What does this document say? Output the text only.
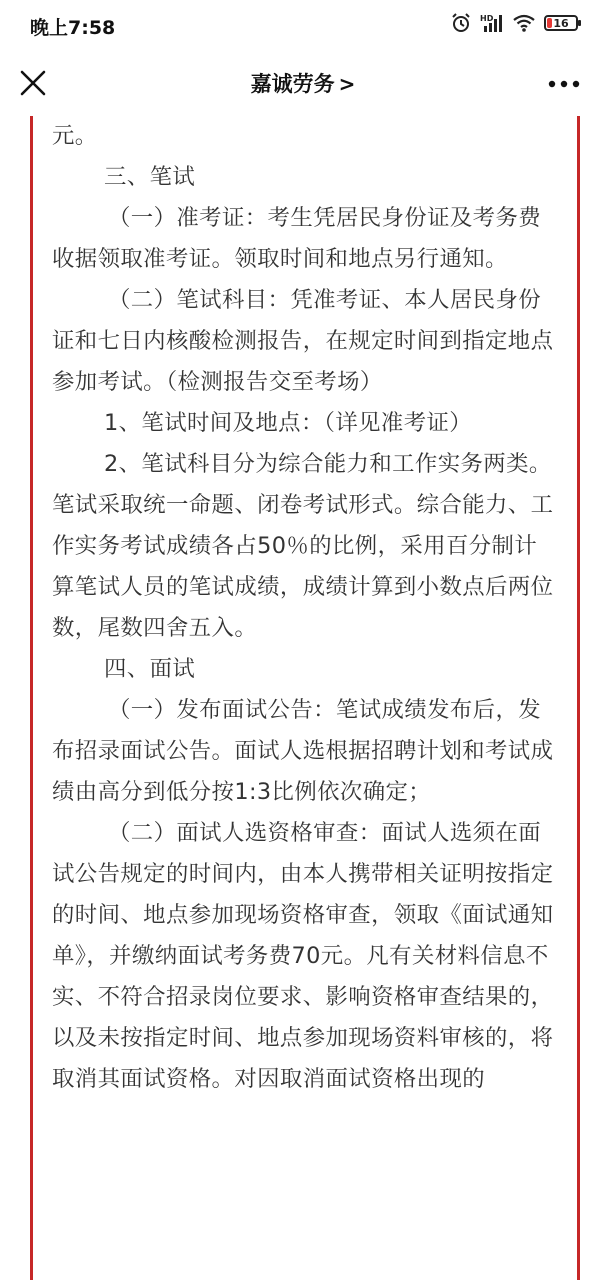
晚上7:58	HD	16
嘉诚劳务 >

元。

三、笔试

（一）准考证：考生凭居民身份证及考务费收据领取准考证。领取时间和地点另行通知。

（二）笔试科目：凭准考证、本人居民身份证和七日内核酸检测报告，在规定时间到指定地点参加考试。（检测报告交至考场）

1、笔试时间及地点：（详见准考证）

2、笔试科目分为综合能力和工作实务两类。笔试采取统一命题、闭卷考试形式。综合能力、工作实务考试成绩各占50％的比例，采用百分制计算笔试人员的笔试成绩，成绩计算到小数点后两位数，尾数四舍五入。

四、面试

（一）发布面试公告：笔试成绩发布后，发布招录面试公告。面试人选根据招聘计划和考试成绩由高分到低分按1:3比例依次确定；

（二）面试人选资格审查：面试人选须在面试公告规定的时间内，由本人携带相关证明按指定的时间、地点参加现场资格审查，领取《面试通知单》，并缴纳面试考务费70元。凡有关材料信息不实、不符合招录岗位要求、影响资格审查结果的，以及未按指定时间、地点参加现场资料审核的，将取消其面试资格。对因取消面试资格出现的
